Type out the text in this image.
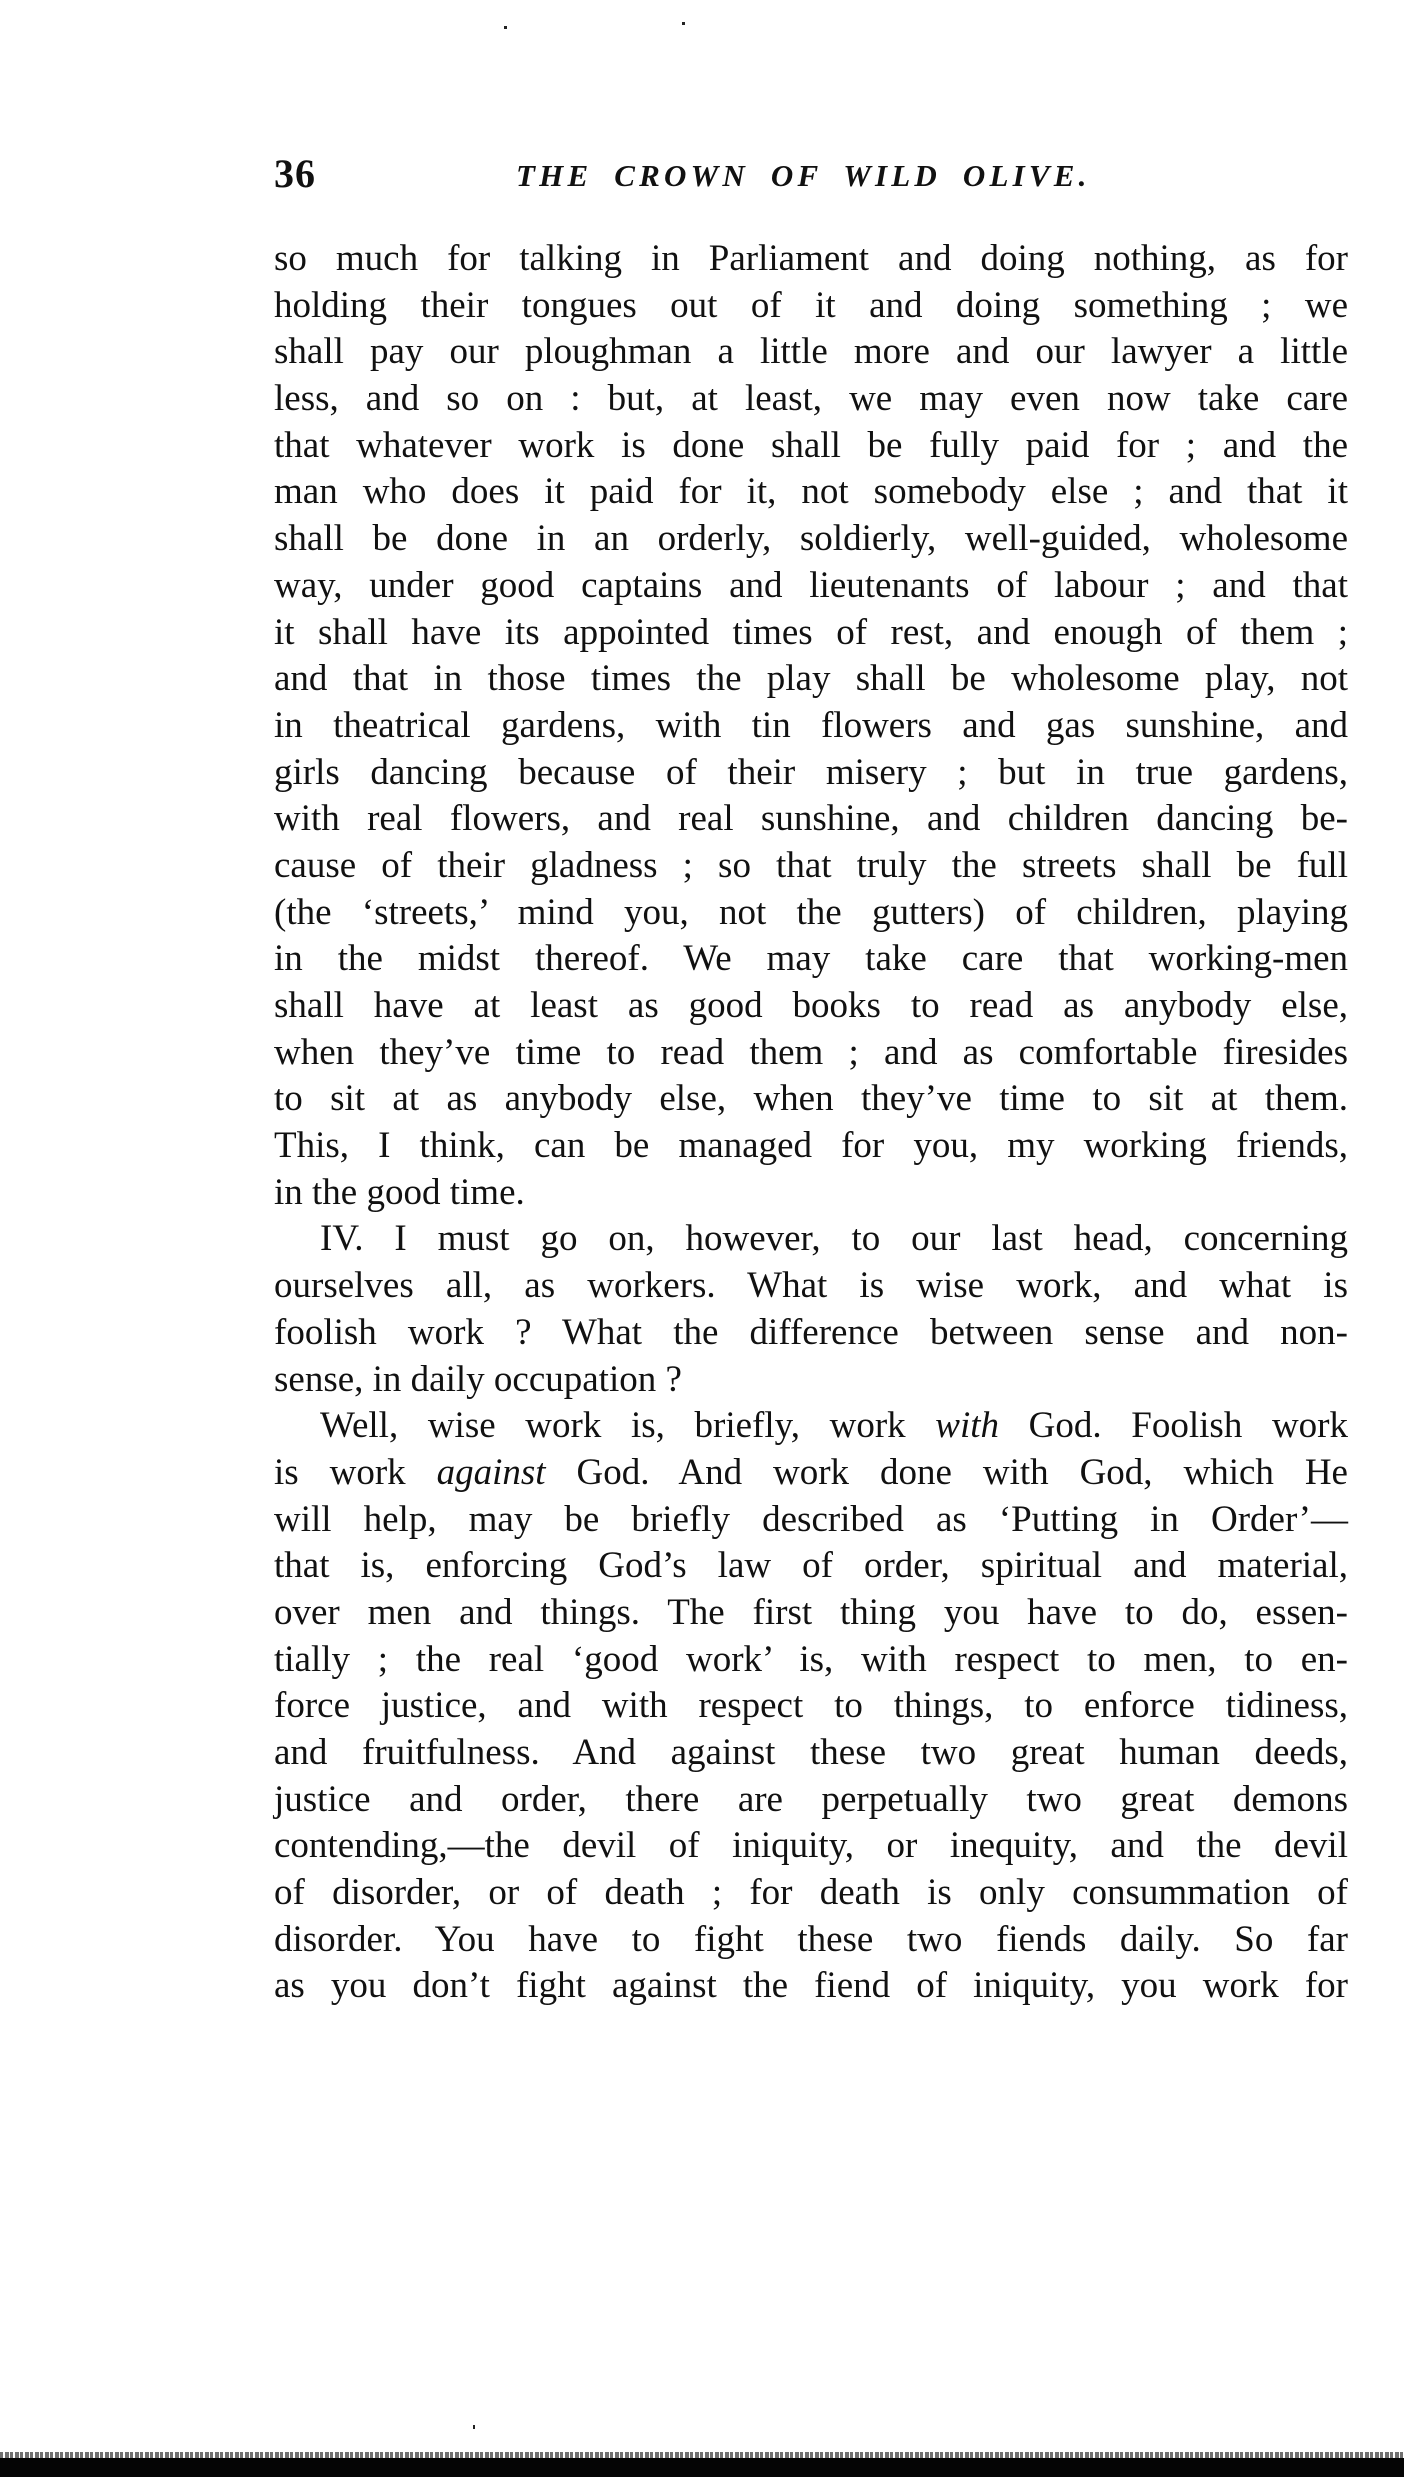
36	THE CROWN OF WILD OLIVE.
so much for talking in Parliament and doing nothing, as for
holding their tongues out of it and doing something ; we
shall pay our ploughman a little more and our lawyer a little
less, and so on : but, at least, we may even now take care
that whatever work is done shall be fully paid for ; and the
man who does it paid for it, not somebody else ; and that it
shall be done in an orderly, soldierly, well-guided, wholesome
way, under good captains and lieutenants of labour ; and that
it shall have its appointed times of rest, and enough of them ;
and that in those times the play shall be wholesome play, not
in theatrical gardens, with tin flowers and gas sunshine, and
girls dancing because of their misery ; but in true gardens,
with real flowers, and real sunshine, and children dancing be-
cause of their gladness ; so that truly the streets shall be full
(the ‘streets,’ mind you, not the gutters) of children, playing
in the midst thereof. We may take care that working-men
shall have at least as good books to read as anybody else,
when they’ve time to read them ; and as comfortable firesides
to sit at as anybody else, when they’ve time to sit at them.
This, I think, can be managed for you, my working friends,
in the good time.
IV. I must go on, however, to our last head, concerning
ourselves all, as workers. What is wise work, and what is
foolish work ? What the difference between sense and non-
sense, in daily occupation ?
Well, wise work is, briefly, work with God. Foolish work
is work against God. And work done with God, which He
will help, may be briefly described as ‘Putting in Order’—
that is, enforcing God’s law of order, spiritual and material,
over men and things. The first thing you have to do, essen-
tially ; the real ‘good work’ is, with respect to men, to en-
force justice, and with respect to things, to enforce tidiness,
and fruitfulness. And against these two great human deeds,
justice and order, there are perpetually two great demons
contending,—the devil of iniquity, or inequity, and the devil
of disorder, or of death ; for death is only consummation of
disorder. You have to fight these two fiends daily. So far
as you don’t fight against the fiend of iniquity, you work for
